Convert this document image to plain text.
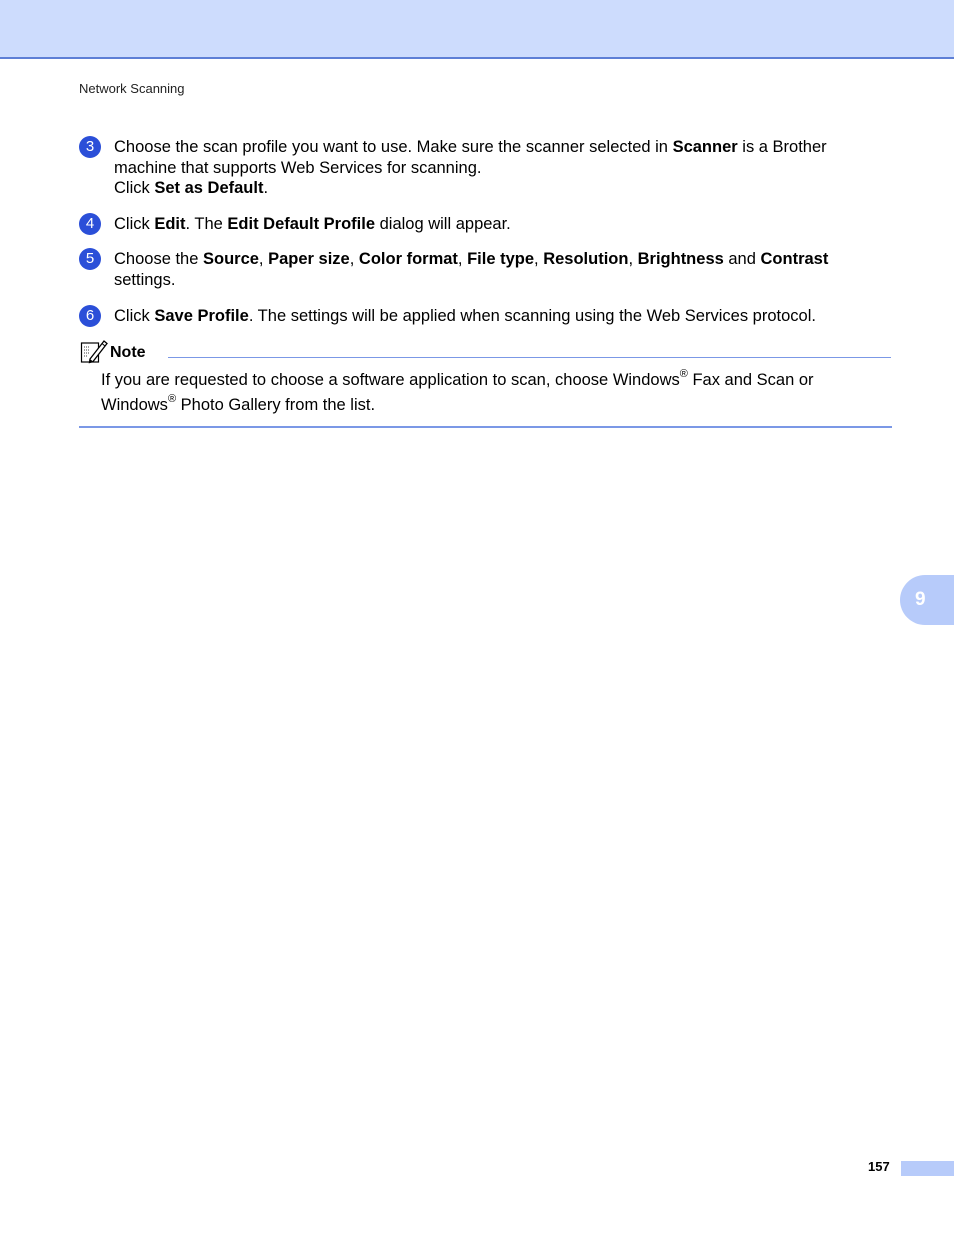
Network Scanning
3	Choose the scan profile you want to use. Make sure the scanner selected in Scanner is a Brother machine that supports Web Services for scanning.
Click Set as Default.
4	Click Edit. The Edit Default Profile dialog will appear.
5	Choose the Source, Paper size, Color format, File type, Resolution, Brightness and Contrast settings.
6	Click Save Profile. The settings will be applied when scanning using the Web Services protocol.
Note
If you are requested to choose a software application to scan, choose Windows® Fax and Scan or Windows® Photo Gallery from the list.
9
157
